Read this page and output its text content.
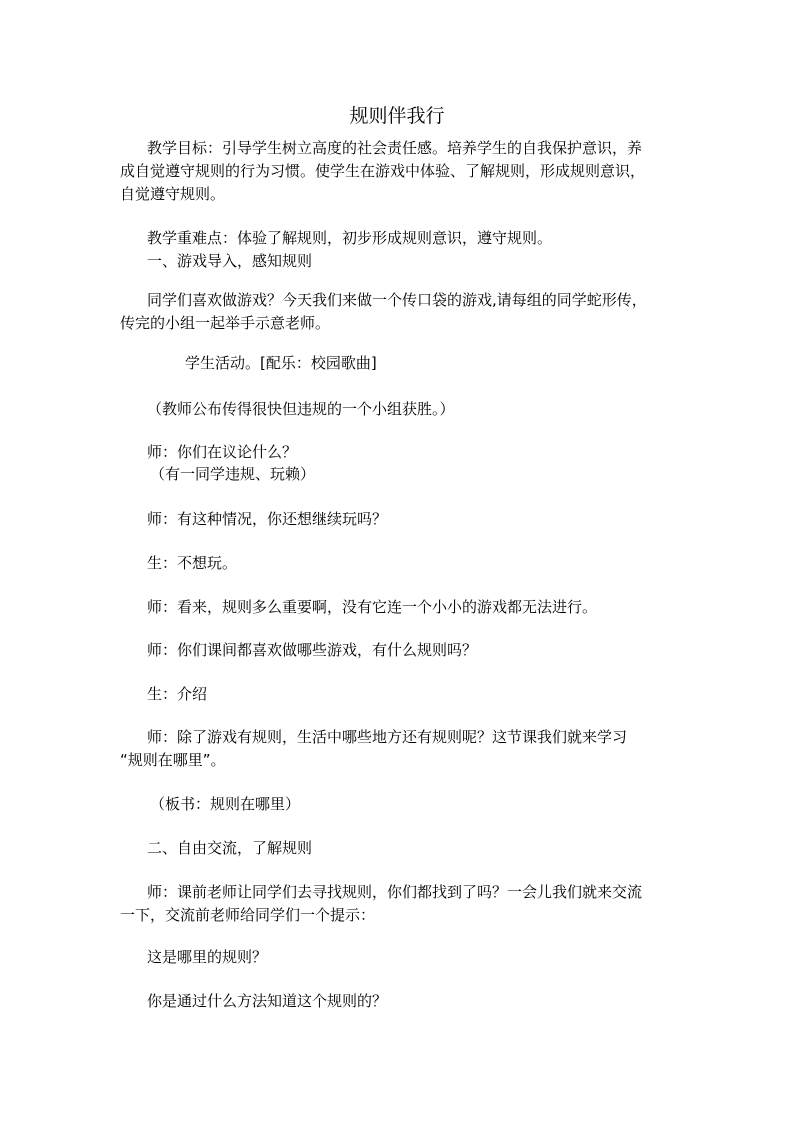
规则伴我行
教学目标：引导学生树立高度的社会责任感。培养学生的自我保护意识，养
成自觉遵守规则的行为习惯。使学生在游戏中体验、了解规则，形成规则意识，
自觉遵守规则。
教学重难点：体验了解规则，初步形成规则意识，遵守规则。
一、游戏导入，感知规则
同学们喜欢做游戏？今天我们来做一个传口袋的游戏,请每组的同学蛇形传，
传完的小组一起举手示意老师。
学生活动。[配乐：校园歌曲]
（教师公布传得很快但违规的一个小组获胜。）
师：你们在议论什么？
（有一同学违规、玩赖）
师：有这种情况，你还想继续玩吗？
生：不想玩。
师：看来，规则多么重要啊，没有它连一个小小的游戏都无法进行。
师：你们课间都喜欢做哪些游戏，有什么规则吗？
生：介绍
师：除了游戏有规则，生活中哪些地方还有规则呢？这节课我们就来学习
“规则在哪里”。
（板书：规则在哪里）
二、自由交流，了解规则
师：课前老师让同学们去寻找规则，你们都找到了吗？一会儿我们就来交流
一下，交流前老师给同学们一个提示：
这是哪里的规则？
你是通过什么方法知道这个规则的？
